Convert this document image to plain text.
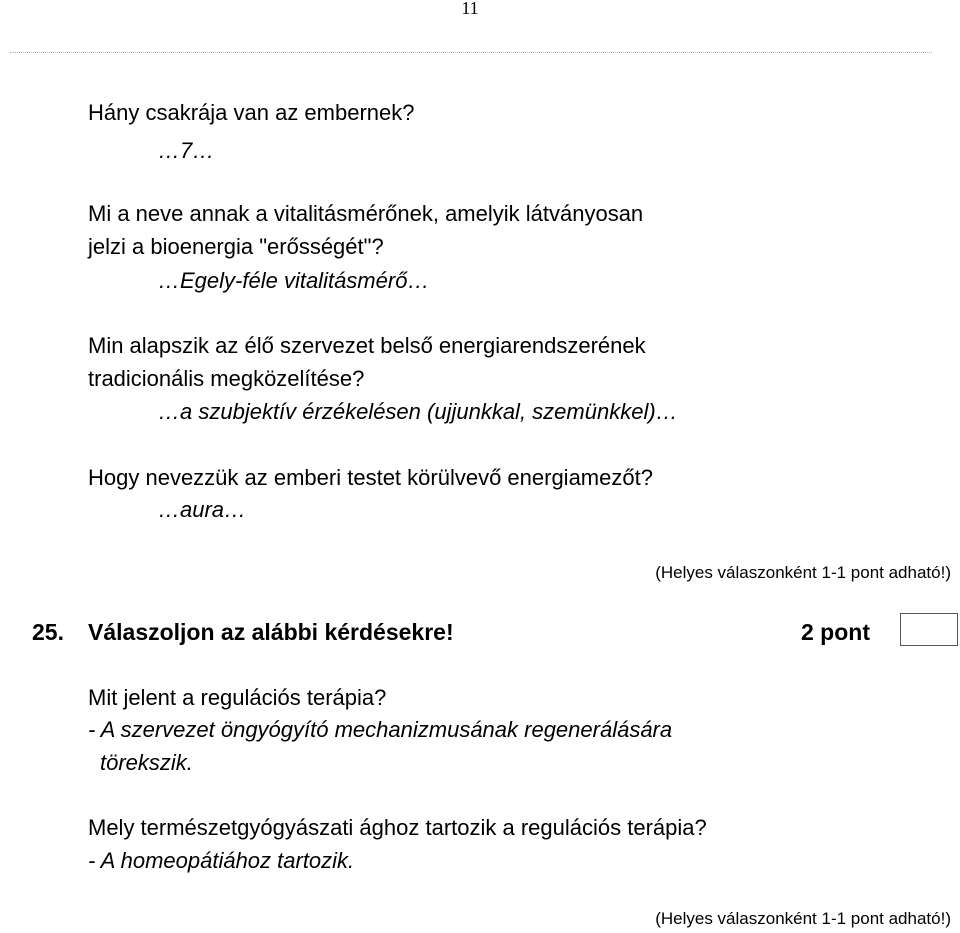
11
Hány csakrája van az embernek?
…7…
Mi a neve annak a vitalitásmérőnek, amelyik látványosan
jelzi a bioenergia "erősségét"?
…Egely-féle vitalitásmérő…
Min alapszik az élő szervezet belső energiarendszerének
tradicionális megközelítése?
…a szubjektív érzékelésen (ujjunkkal, szemünkkel)…
Hogy nevezzük az emberi testet körülvevő energiamezőt?
…aura…
(Helyes válaszonként 1-1 pont adható!)
25. Válaszoljon az alábbi kérdésekre!	2 pont
Mit jelent a regulációs terápia?
- A szervezet öngyógyító mechanizmusának regenerálására
törekszik.
Mely természetgyógyászati ághoz tartozik a regulációs terápia?
- A homeopátiához tartozik.
(Helyes válaszonként 1-1 pont adható!)
